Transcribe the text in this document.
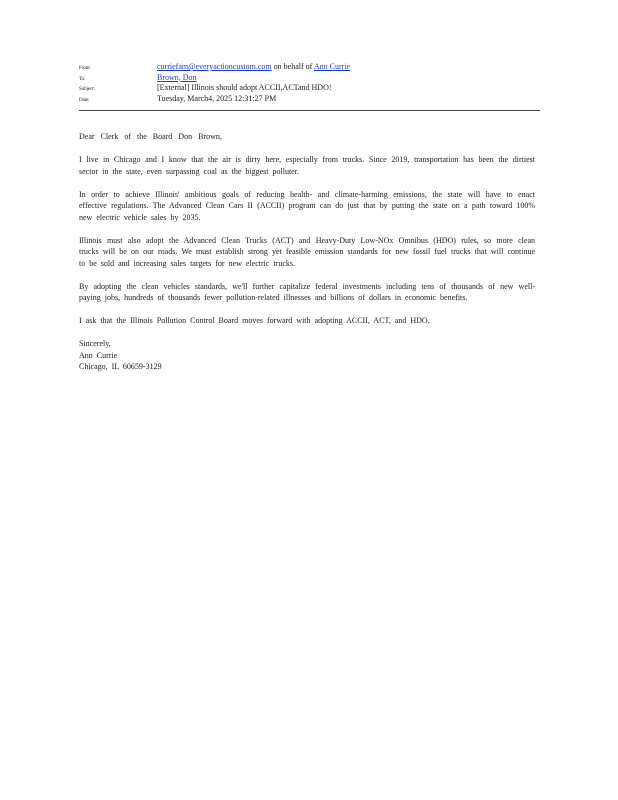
From:	curriefam@everyactioncustom.com on behalf of Ann Currie
To:	Brown, Don
Subject:	[External] Illinois should adopt ACCII,ACTand HDO!
Date:	Tuesday, March4, 2025 12:31:27 PM

Dear Clerk of the Board Don Brown,

I live in Chicago and I know that the air is dirty here, especially from trucks. Since 2019, transportation has been the dirtiest sector in the state, even surpassing coal as the biggest polluter.

In order to achieve Illinois' ambitious goals of reducing health- and climate-harming emissions, the state will have to enact effective regulations. The Advanced Clean Cars II (ACCII) program can do just that by putting the state on a path toward 100% new electric vehicle sales by 2035.

Illinois must also adopt the Advanced Clean Trucks (ACT) and Heavy-Duty Low-NOx Omnibus (HDO) rules, so more clean trucks will be on our roads. We must establish strong yet feasible emission standards for new fossil fuel trucks that will continue to be sold and increasing sales targets for new electric trucks.

By adopting the clean vehicles standards, we'll further capitalize federal investments including tens of thousands of new well-paying jobs, hundreds of thousands fewer pollution-related illnesses and billions of dollars in economic benefits.

I ask that the Illinois Pollution Control Board moves forward with adopting ACCII, ACT, and HDO.

Sincerely,
Ann Currie
Chicago, IL 60659-3129
